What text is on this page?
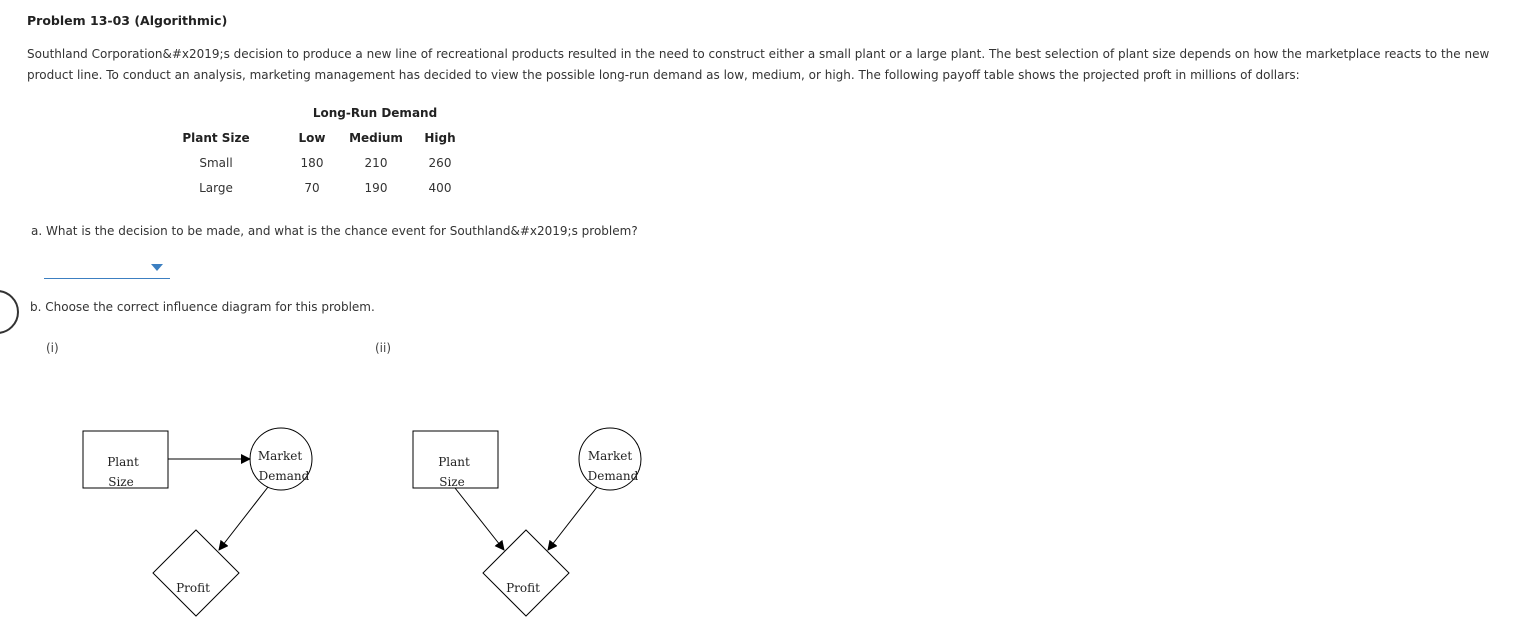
Problem 13-03 (Algorithmic)
Southland Corporation&#x2019;s decision to produce a new line of recreational products resulted in the need to construct either a small plant or a large plant. The best selection of plant size depends on how the marketplace reacts to the new
product line. To conduct an analysis, marketing management has decided to view the possible long-run demand as low, medium, or high. The following payoff table shows the projected proft in millions of dollars:
Long-Run Demand
Plant Size	Low	Medium	High
Small	180	210	260
Large	70	190	400
a. What is the decision to be made, and what is the chance event for Southland&#x2019;s problem?
b. Choose the correct influence diagram for this problem.
(i)	(ii)
Plant
Size
Market
Demand
Profit
Plant
Size
Market
Demand
Profit
